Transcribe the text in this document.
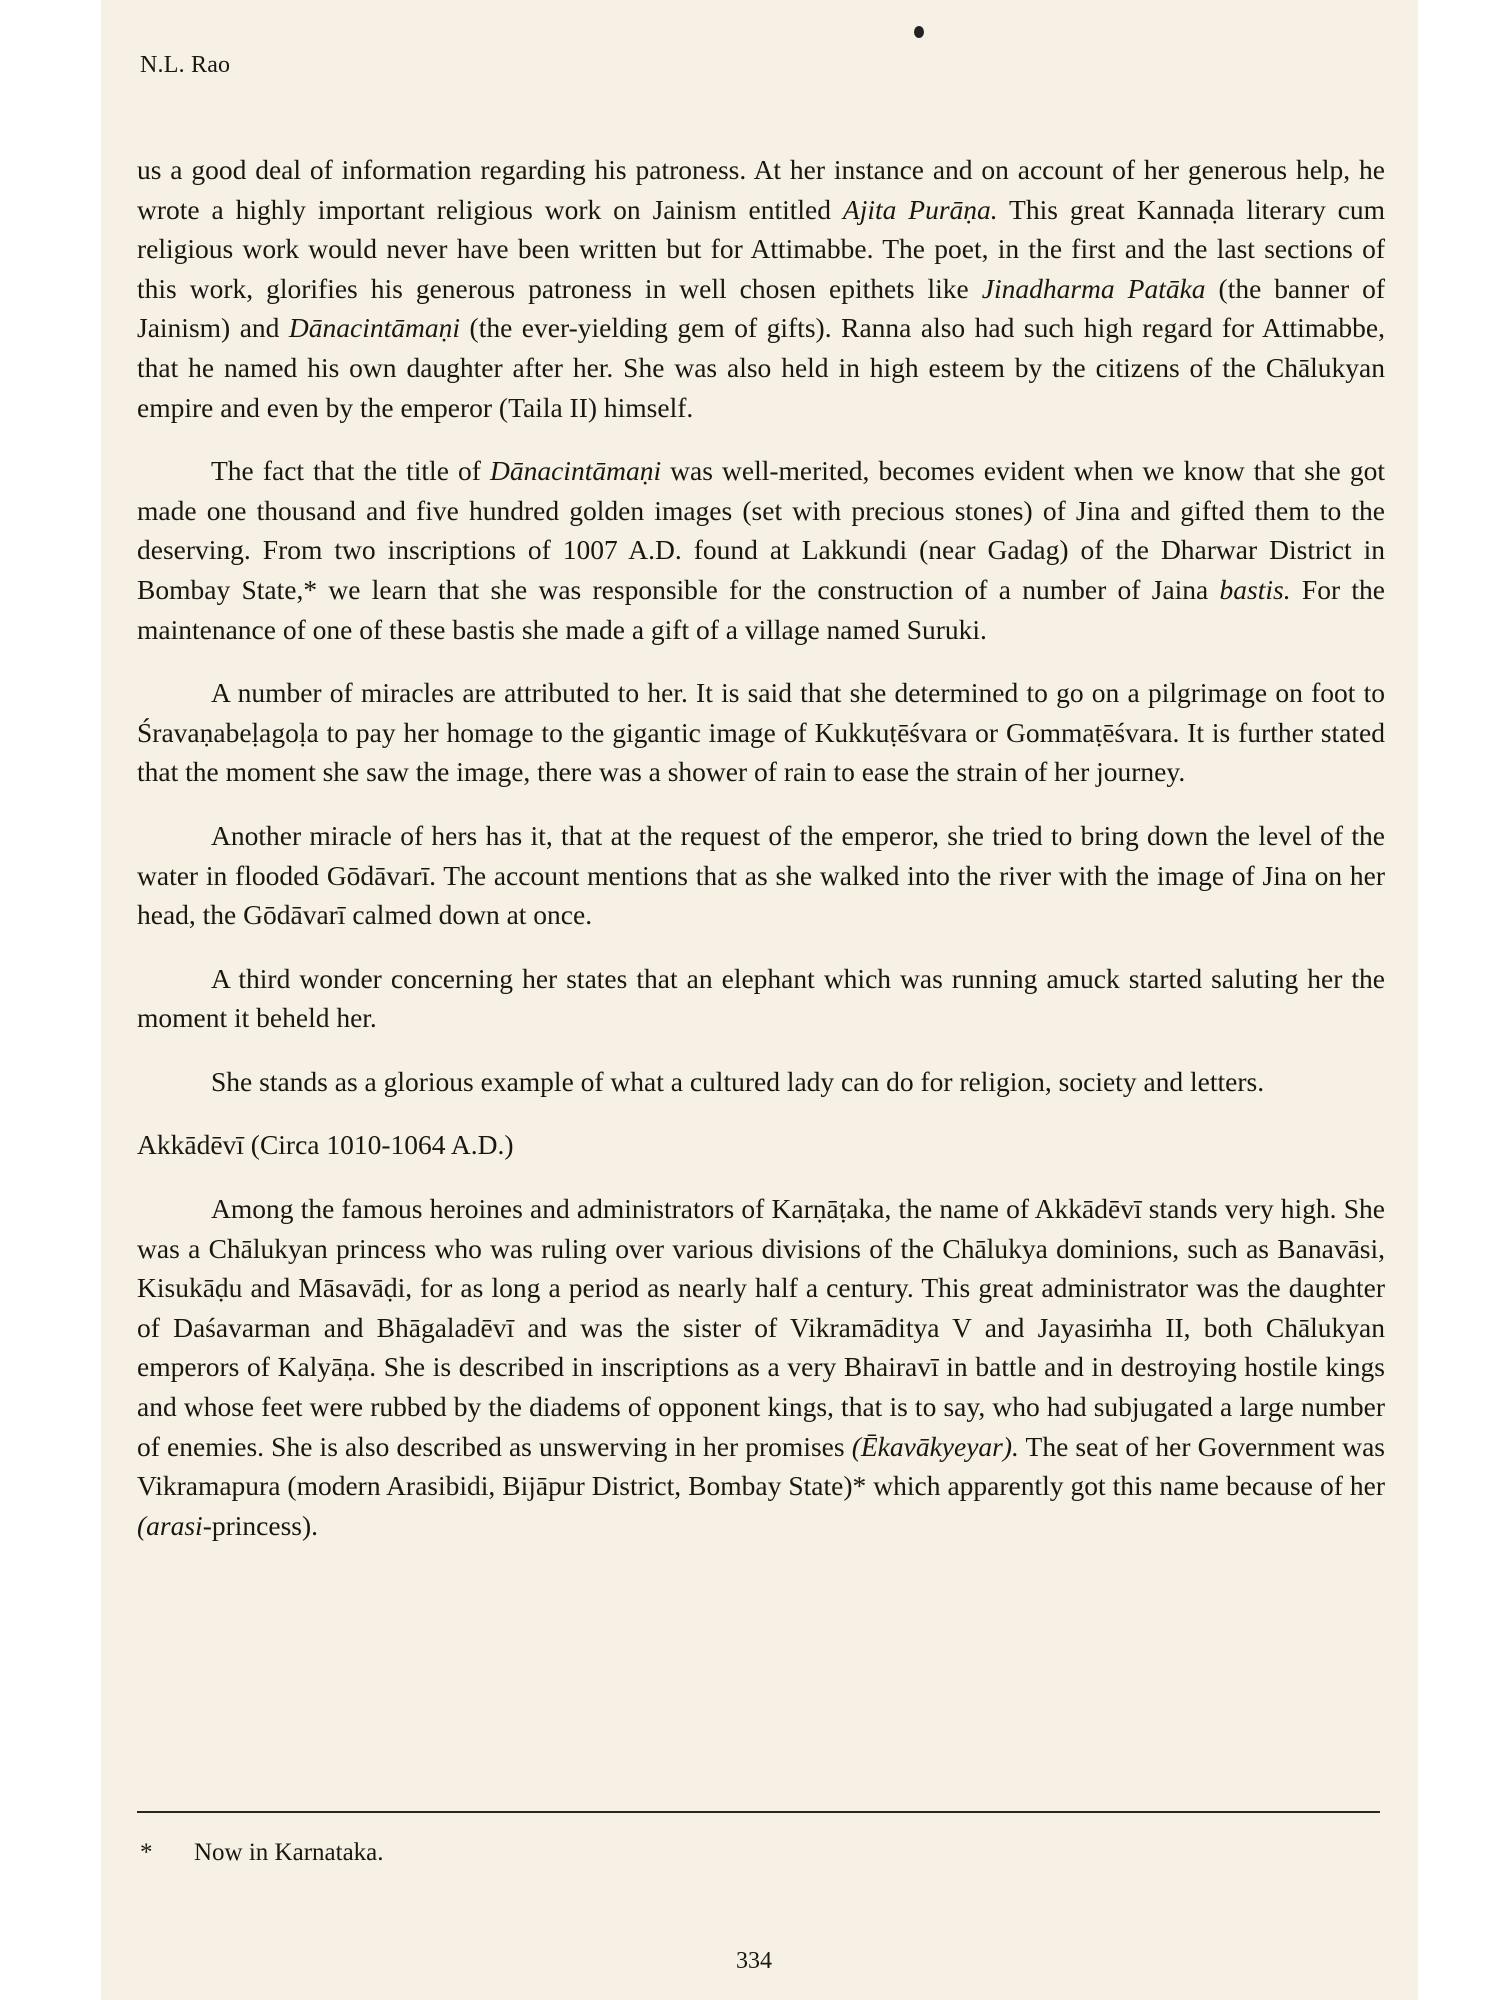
N.L. Rao

us a good deal of information regarding his patroness. At her instance and on account of her generous help, he wrote a highly important religious work on Jainism entitled Ajita Purāṇa. This great Kannaḍa literary cum religious work would never have been written but for Attimabbe. The poet, in the first and the last sections of this work, glorifies his generous patroness in well chosen epithets like Jinadharma Patāka (the banner of Jainism) and Dānacintāmaṇi (the ever-yielding gem of gifts). Ranna also had such high regard for Attimabbe, that he named his own daughter after her. She was also held in high esteem by the citizens of the Chālukyan empire and even by the emperor (Taila II) himself.

The fact that the title of Dānacintāmaṇi was well-merited, becomes evident when we know that she got made one thousand and five hundred golden images (set with precious stones) of Jina and gifted them to the deserving. From two inscriptions of 1007 A.D. found at Lakkundi (near Gadag) of the Dharwar District in Bombay State,* we learn that she was responsible for the construction of a number of Jaina bastis. For the maintenance of one of these bastis she made a gift of a village named Suruki.

A number of miracles are attributed to her. It is said that she determined to go on a pilgrimage on foot to Śravaṇabeḷagoḷa to pay her homage to the gigantic image of Kukkuṭēśvara or Gommaṭēśvara. It is further stated that the moment she saw the image, there was a shower of rain to ease the strain of her journey.

Another miracle of hers has it, that at the request of the emperor, she tried to bring down the level of the water in flooded Gōdāvarī. The account mentions that as she walked into the river with the image of Jina on her head, the Gōdāvarī calmed down at once.

A third wonder concerning her states that an elephant which was running amuck started saluting her the moment it beheld her.

She stands as a glorious example of what a cultured lady can do for religion, society and letters.

Akkādēvī (Circa 1010-1064 A.D.)

Among the famous heroines and administrators of Karṇāṭaka, the name of Akkādēvī stands very high. She was a Chālukyan princess who was ruling over various divisions of the Chālukya dominions, such as Banavāsi, Kisukāḍu and Māsavāḍi, for as long a period as nearly half a century. This great administrator was the daughter of Daśavarman and Bhāgaladēvī and was the sister of Vikramāditya V and Jayasiṁha II, both Chālukyan emperors of Kalyāṇa. She is described in inscriptions as a very Bhairavī in battle and in destroying hostile kings and whose feet were rubbed by the diadems of opponent kings, that is to say, who had subjugated a large number of enemies. She is also described as unswerving in her promises (Ēkavākyeyar). The seat of her Government was Vikramapura (modern Arasibidi, Bijāpur District, Bombay State)* which apparently got this name because of her (arasi-princess).

* Now in Karnataka.
334
